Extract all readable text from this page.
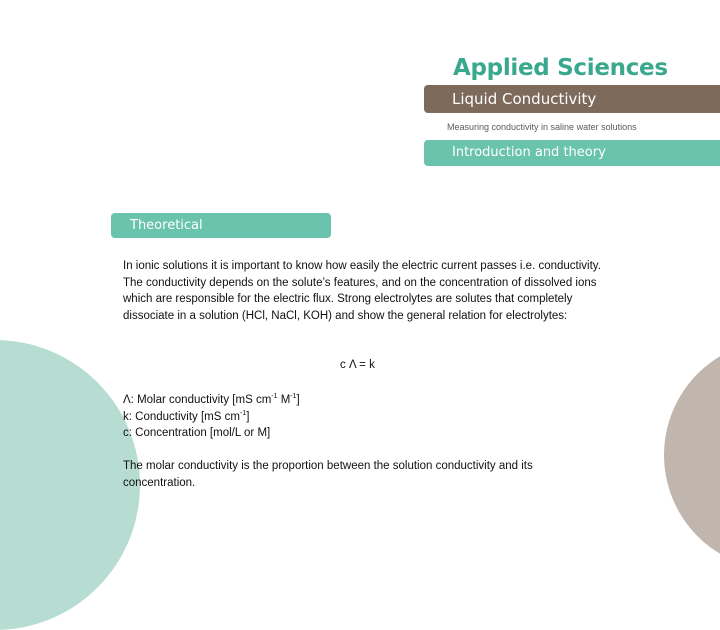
Applied Sciences
Liquid Conductivity
Measuring conductivity in saline water solutions
Introduction and theory
Theoretical

In ionic solutions it is important to know how easily the electric current passes i.e. conductivity. The conductivity depends on the solute’s features, and on the concentration of dissolved ions which are responsible for the electric flux. Strong electrolytes are solutes that completely dissociate in a solution (HCl, NaCl, KOH) and show the general relation for electrolytes:

c Λ = k

Λ: Molar conductivity [mS $cm^{-1}$ $M^{-1}$]

k: Conductivity [mS $cm^{-1}$]

c: Concentration [mol/L or M]

The molar conductivity is the proportion between the solution conductivity and its concentration.
